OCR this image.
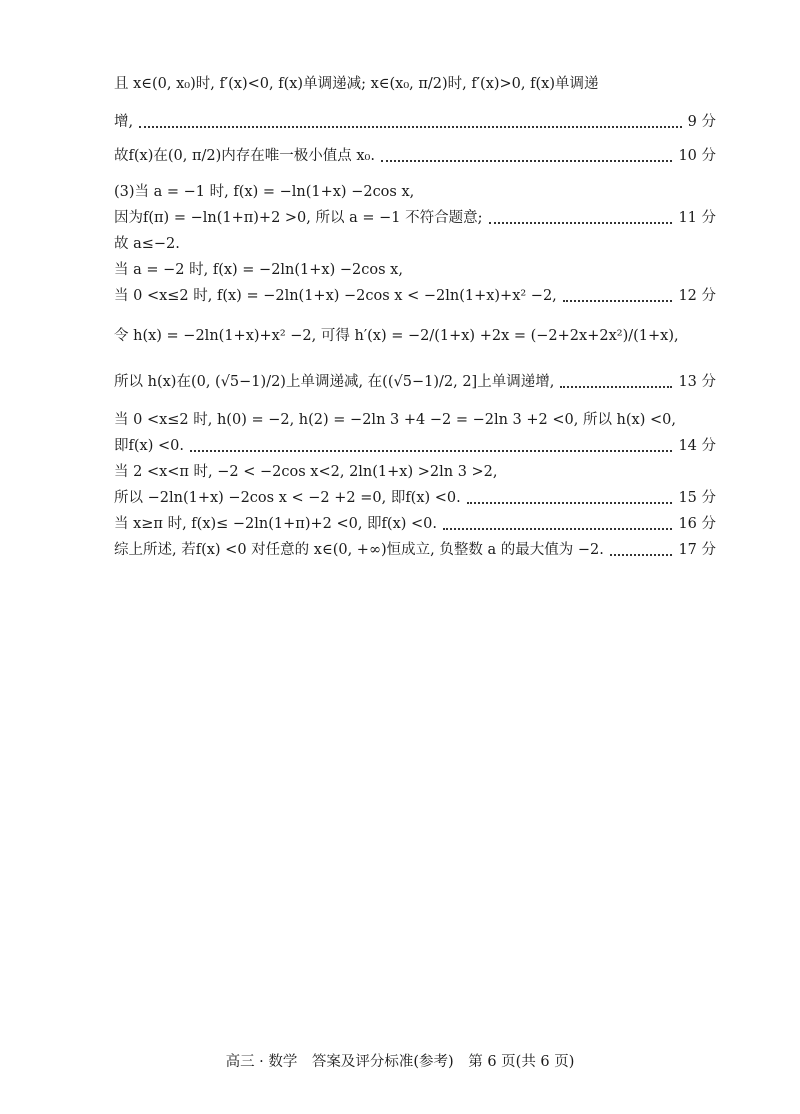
且 x∈(0, x₀)时, f′(x)<0, f(x)单调递减; x∈(x₀, π/2)时, f′(x)>0, f(x)单调递
增,	9 分
故f(x)在(0, π/2)内存在唯一极小值点 x₀.	10 分
(3)当 a = −1 时, f(x) = −ln(1+x) −2cos x,
因为f(π) = −ln(1+π)+2 >0, 所以 a = −1 不符合题意;	11 分
故 a≤−2.
当 a = −2 时, f(x) = −2ln(1+x) −2cos x,
当 0 <x≤2 时, f(x) = −2ln(1+x) −2cos x < −2ln(1+x)+x² −2,	12 分
令 h(x) = −2ln(1+x)+x² −2, 可得 h′(x) = −2/(1+x) +2x = (−2+2x+2x²)/(1+x),
所以 h(x)在(0, (√5−1)/2)上单调递减, 在((√5−1)/2, 2]上单调递增,	13 分
当 0 <x≤2 时, h(0) = −2, h(2) = −2ln 3 +4 −2 = −2ln 3 +2 <0, 所以 h(x) <0,
即f(x) <0.	14 分
当 2 <x<π 时, −2 < −2cos x<2, 2ln(1+x) >2ln 3 >2,
所以 −2ln(1+x) −2cos x < −2 +2 =0, 即f(x) <0.	15 分
当 x≥π 时, f(x)≤ −2ln(1+π)+2 <0, 即f(x) <0.	16 分
综上所述, 若f(x) <0 对任意的 x∈(0, +∞)恒成立, 负整数 a 的最大值为 −2.	17 分
高三 · 数学　答案及评分标准(参考)　第 6 页(共 6 页)
